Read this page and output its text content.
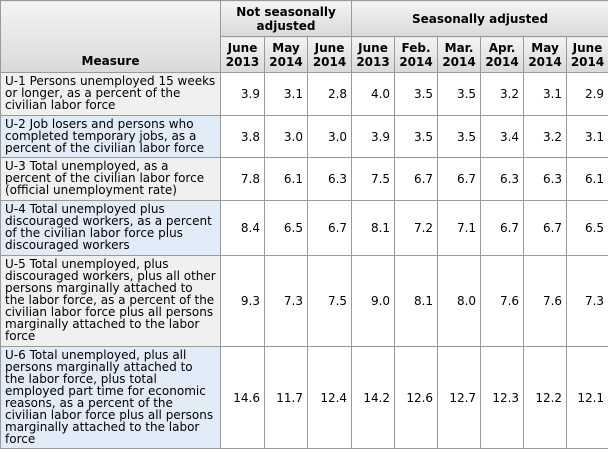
Measure	Not seasonally adjusted			Seasonally adjusted					
	June 2013	May 2014	June 2014	June 2013	Feb. 2014	Mar. 2014	Apr. 2014	May 2014	June 2014
U-1 Persons unemployed 15 weeks or longer, as a percent of the civilian labor force	3.9	3.1	2.8	4.0	3.5	3.5	3.2	3.1	2.9
U-2 Job losers and persons who completed temporary jobs, as a percent of the civilian labor force	3.8	3.0	3.0	3.9	3.5	3.5	3.4	3.2	3.1
U-3 Total unemployed, as a percent of the civilian labor force (official unemployment rate)	7.8	6.1	6.3	7.5	6.7	6.7	6.3	6.3	6.1
U-4 Total unemployed plus discouraged workers, as a percent of the civilian labor force plus discouraged workers	8.4	6.5	6.7	8.1	7.2	7.1	6.7	6.7	6.5
U-5 Total unemployed, plus discouraged workers, plus all other persons marginally attached to the labor force, as a percent of the civilian labor force plus all persons marginally attached to the labor force	9.3	7.3	7.5	9.0	8.1	8.0	7.6	7.6	7.3
U-6 Total unemployed, plus all persons marginally attached to the labor force, plus total employed part time for economic reasons, as a percent of the civilian labor force plus all persons marginally attached to the labor force	14.6	11.7	12.4	14.2	12.6	12.7	12.3	12.2	12.1
